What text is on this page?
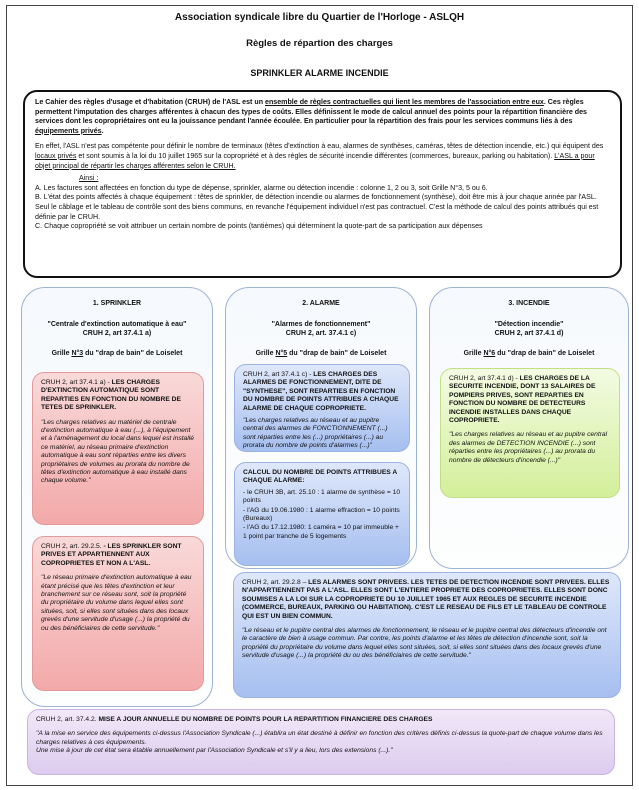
Association syndicale libre du Quartier de l'Horloge - ASLQH
Règles de répartion des charges
SPRINKLER ALARME INCENDIE

Le Cahier des règles d'usage et d'habitation (CRUH) de l'ASL est un ensemble de règles contractuelles qui lient les membres de l'association entre eux. Ces règles permettent l'imputation des charges afférentes à chacun des types de coûts. Elles définissent le mode de calcul annuel des points pour la répartition financière des services dont les copropriétaires ont eu la jouissance pendant l'année écoulée. En particulier pour la répartition des frais pour les services communs liés à des équipements privés.

En effet, l'ASL n'est pas compétente pour définir le nombre de terminaux (têtes d'extinction à eau, alarmes de synthèses, caméras, têtes de détection incendie, etc.) qui équipent des locaux privés et sont soumis à la loi du 10 juillet 1965 sur la copropriété et à des règles de sécurité incendie différentes (commerces, bureaux, parking ou habitation). L'ASL a pour objet principal de répartir les charges afférentes selon le CRUH.

Ainsi :
A. Les factures sont affectées en fonction du type de dépense, sprinkler, alarme ou détection incendie : colonne 1, 2 ou 3, soit Grille N°3, 5 ou 6.
B. L'état des points affectés à chaque équipement : têtes de sprinkler, de détection incendie ou alarmes de fonctionnement (synthèse), doit être mis à jour chaque année par l'ASL. Seul le câblage et le tableau de contrôle sont des biens communs, en revanche l'équipement individuel n'est pas contractuel. C'est la méthode de calcul des points attribués qui est définie par le CRUH.
C. Chaque copropriété se voit attribuer un certain nombre de points (tantièmes) qui déterminent la quote-part de sa participation aux dépenses
1. SPRINKLER
"Centrale d'extinction automatique à eau"
CRUH 2, art 37.4.1 a)
Grille N°3 du "drap de bain" de Loiselet
CRUH 2, art 37.4.1 a) - LES CHARGES D'EXTINCTION AUTOMATIQUE SONT REPARTIES EN FONCTION DU NOMBRE DE TETES DE SPRINKLER.
"Les charges relatives au matériel de centrale d'extinction automatique à eau (...), à l'équipement et à l'aménagement du local dans lequel est installé ce matériel, au réseau primaire d'extinction automatique à eau sont réparties entre les divers propriétaires de volumes au prorata du nombre de têtes d'extinction automatique à eau installé dans chaque volume."
CRUH 2, art. 29.2.5. - LES SPRINKLER SONT PRIVES ET APPARTIENNENT AUX COPROPRIETES ET NON A L'ASL.
"Le réseau primaire d'extinction automatique à eau étant précisé que les têtes d'extinction et leur branchement sur ce réseau sont, soit la propriété du propriétaire du volume dans lequel elles sont situées, soit, si elles sont situées dans des locaux grevés d'une servitude d'usage (...) la propriété du ou des bénéficiaires de cette servitude."
2. ALARME
"Alarmes de fonctionnement"
CRUH 2, art. 37.4.1 c)
Grille N°5 du "drap de bain" de Loiselet
CRUH 2, art 37.4.1 c) - LES CHARGES DES ALARMES DE FONCTIONNEMENT, DITE DE "SYNTHESE", SONT REPARTIES EN FONCTION DU NOMBRE DE POINTS ATTRIBUES A CHAQUE ALARME DE CHAQUE COPROPRIETE.
"Les charges relatives au réseau et au pupitre central des alarmes de FONCTIONNEMENT (...) sont réparties entre les (...) propriétaires (...) au prorata du nombre de points d'alarmes (...)"
CALCUL DU NOMBRE DE POINTS ATTRIBUES A CHAQUE ALARME:
- le CRUH 3B, art. 25.10 : 1 alarme de synthèse = 10 points
- l'AG du 19.06.1980 : 1 alarme effraction = 10 points (Bureaux)
- l'AG du 17.12.1980: 1 caméra = 10 par immeuble + 1 point par tranche de 5 logements
3. INCENDIE
"Détection incendie"
CRUH 2, art 37.4.1 d)
Grille N°6 du "drap de bain" de Loiselet
CRUH 2, art 37.4.1 d) - LES CHARGES DE LA SECURITE INCENDIE, DONT 13 SALAIRES DE POMPIERS PRIVES, SONT REPARTIES EN FONCTION DU NOMBRE DE DETECTEURS INCENDIE INSTALLES DANS CHAQUE COPROPRIETE.
"Les charges relatives au réseau et au pupitre central des alarmes de DETECTION INCENDIE (...) sont réparties entre les propriétaires (...) au prorata du nombre de détecteurs d'incendie (...)"
CRUH 2, art. 29.2.8 – LES ALARMES SONT PRIVEES. LES TETES DE DETECTION INCENDIE SONT PRIVEES. ELLES N'APPARTIENNENT PAS A L'ASL. ELLES SONT L'ENTIERE PROPRIETE DES COPROPRIETES. ELLES SONT DONC SOUMISES A LA LOI SUR LA COPROPRIETE DU 10 JUILLET 1965 ET AUX REGLES DE SECURITE INCENDIE (COMMERCE, BUREAUX, PARKING OU HABITATION). C'EST LE RESEAU DE FILS ET LE TABLEAU DE CONTROLE QUI EST UN BIEN COMMUN.
"Le réseau et le pupitre central des alarmes de fonctionnement, le réseau et le pupitre central des détecteurs d'incendie ont le caractère de bien à usage commun. Par contre, les points d'alarme et les têtes de détection d'incendie sont, soit la propriété du propriétaire du volume dans lequel elles sont situées, soit, si elles sont situées dans des locaux grevés d'une servitude d'usage (...) la propriété du ou des bénéficiaires de cette servitude."
CRUH 2, art. 37.4.2. MISE A JOUR ANNUELLE DU NOMBRE DE POINTS POUR LA REPARTITION FINANCIERE DES CHARGES
"A la mise en service des équipements ci-dessus l'Association Syndicale (...) établira un état destiné à définir en fonction des critères définis ci-dessus la quote-part de chaque volume dans les charges relatives à ces équipements.
Une mise à jour de cet état sera établie annuellement par l'Association Syndicale et s'il y a lieu, lors des extensions (...)."
